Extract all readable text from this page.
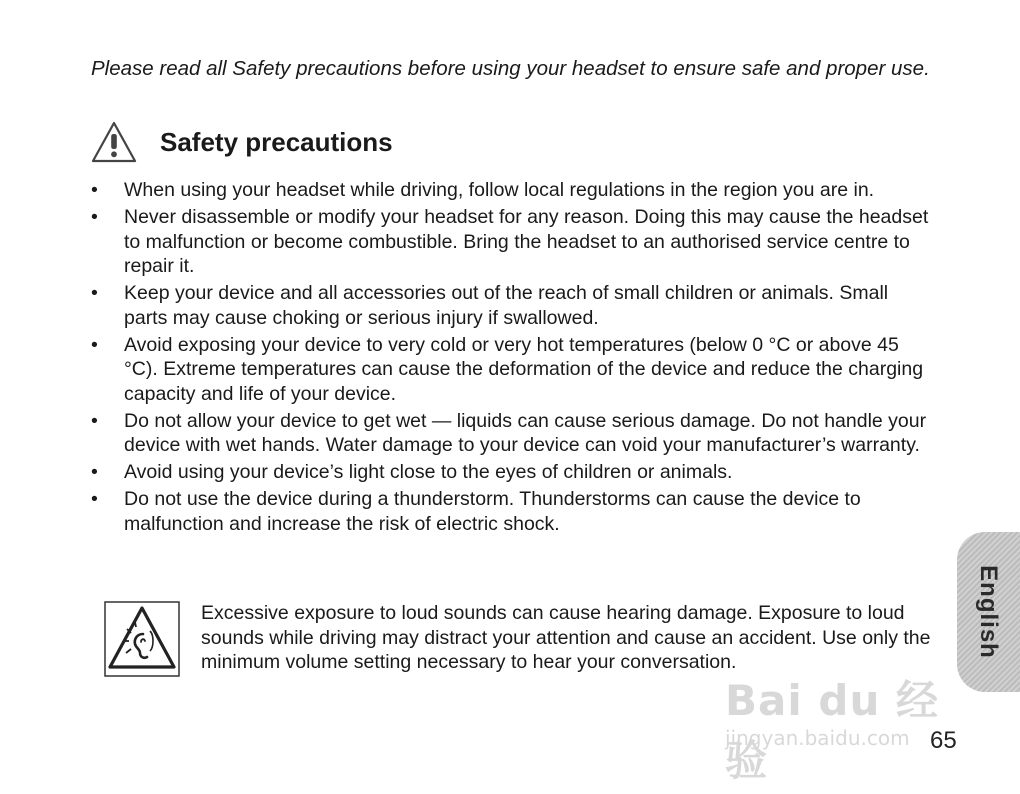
Please read all Safety precautions before using your headset to ensure safe and proper use.

Safety precautions
• When using your headset while driving, follow local regulations in the region you are in.
• Never disassemble or modify your headset for any reason. Doing this may cause the headset to malfunction or become combustible. Bring the headset to an authorised service centre to repair it.
• Keep your device and all accessories out of the reach of small children or animals. Small parts may cause choking or serious injury if swallowed.
• Avoid exposing your device to very cold or very hot temperatures (below 0 °C or above 45 °C). Extreme temperatures can cause the deformation of the device and reduce the charging capacity and life of your device.
• Do not allow your device to get wet — liquids can cause serious damage. Do not handle your device with wet hands. Water damage to your device can void your manufacturer’s warranty.
• Avoid using your device’s light close to the eyes of children or animals.
• Do not use the device during a thunderstorm. Thunderstorms can cause the device to malfunction and increase the risk of electric shock.

Excessive exposure to loud sounds can cause hearing damage. Exposure to loud sounds while driving may distract your attention and cause an accident. Use only the minimum volume setting necessary to hear your conversation.

English
Bai du 经验
jingyan.baidu.com 65
